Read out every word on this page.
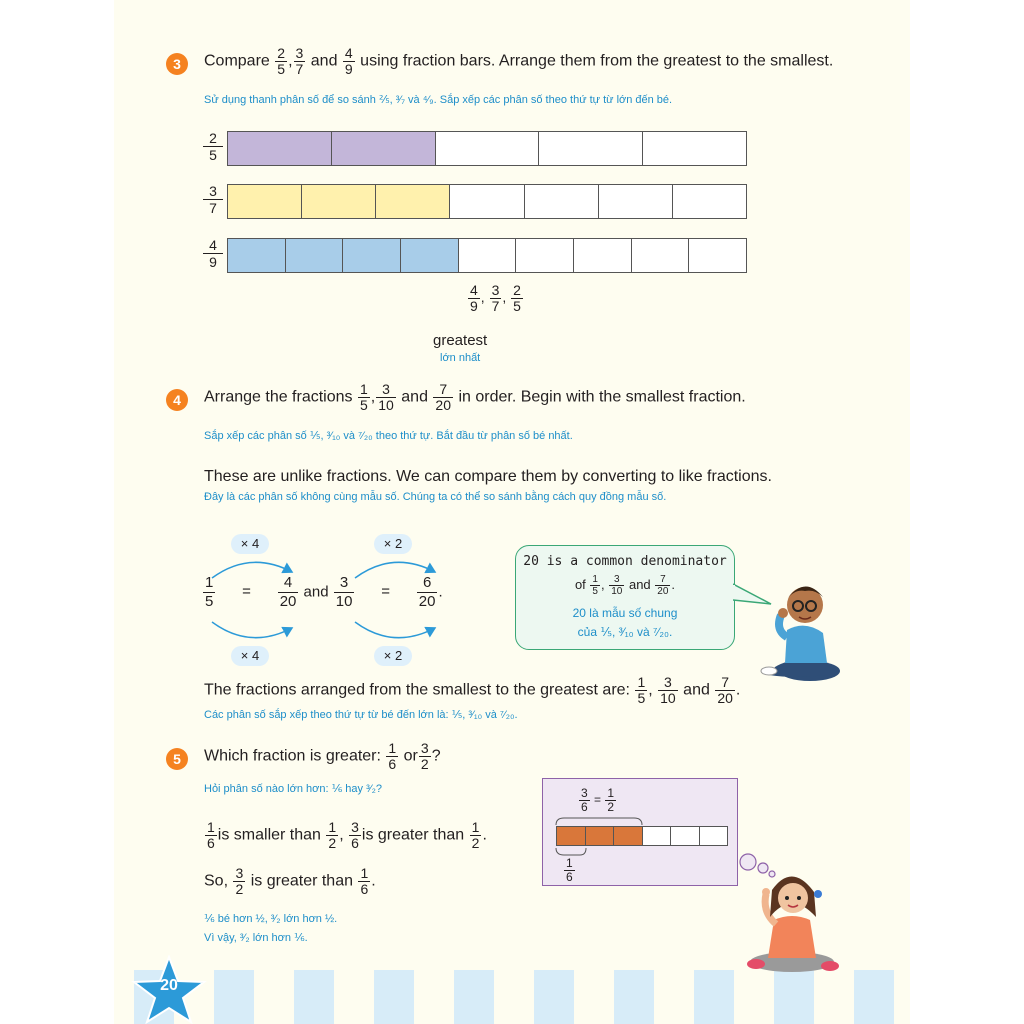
20
3	Compare $\frac{2}{5}$ , $\frac{3}{7}$ and $\frac{4}{9}$ using fraction bars. Arrange them from the greatest to the smallest.
Sử dụng thanh phân số để so sánh ⅖, ³⁄₇ và ⁴⁄₉. Sắp xếp các phân số theo thứ tự từ lớn đến bé.
2
5
3
7
4
9
$\frac{4}{9}$ , $\frac{3}{7}$ , $\frac{2}{5}$
greatest
lớn nhất
4	Arrange the fractions $\frac{1}{5}$ , $\frac{3}{10}$ and $\frac{7}{20}$ in order. Begin with the smallest fraction.
Sắp xếp các phân số ⅕, ³⁄₁₀ và ⁷⁄₂₀ theo thứ tự. Bắt đầu từ phân số bé nhất.
These are unlike fractions. We can compare them by converting to like fractions.
Đây là các phân số không cùng mẫu số. Chúng ta có thể so sánh bằng cách quy đồng mẫu số.
× 4
× 4
× 2
× 2
$\frac{1}{5} = \frac{4}{20}$ and $\frac{3}{10} = \frac{6}{20}$ .
20 is a common denominator
of $\frac{1}{5}$ , $\frac{3}{10}$ and $\frac{7}{20}$ .
20 là mẫu số chung
của ⅕, ³⁄₁₀ và ⁷⁄₂₀.
The fractions arranged from the smallest to the greatest are: $\frac{1}{5}$ , $\frac{3}{10}$ and $\frac{7}{20}$ .
Các phân số sắp xếp theo thứ tự từ bé đến lớn là: ⅕, ³⁄₁₀ và ⁷⁄₂₀.
5	Which fraction is greater: $\frac{1}{6}$ or $\frac{3}{2}$ ?
Hỏi phân số nào lớn hơn: ⅙ hay ³⁄₂?
$\frac{1}{6}$ is smaller than $\frac{1}{2}$ , $\frac{3}{6}$ is greater than $\frac{1}{2}$ .
So, $\frac{3}{2}$ is greater than $\frac{1}{6}$ .
⅙ bé hơn ½, ³⁄₂ lớn hơn ½.
Vì vậy, ³⁄₂ lớn hơn ⅙.
$\frac{3}{6} = \frac{1}{2}$
$\frac{1}{6}$
